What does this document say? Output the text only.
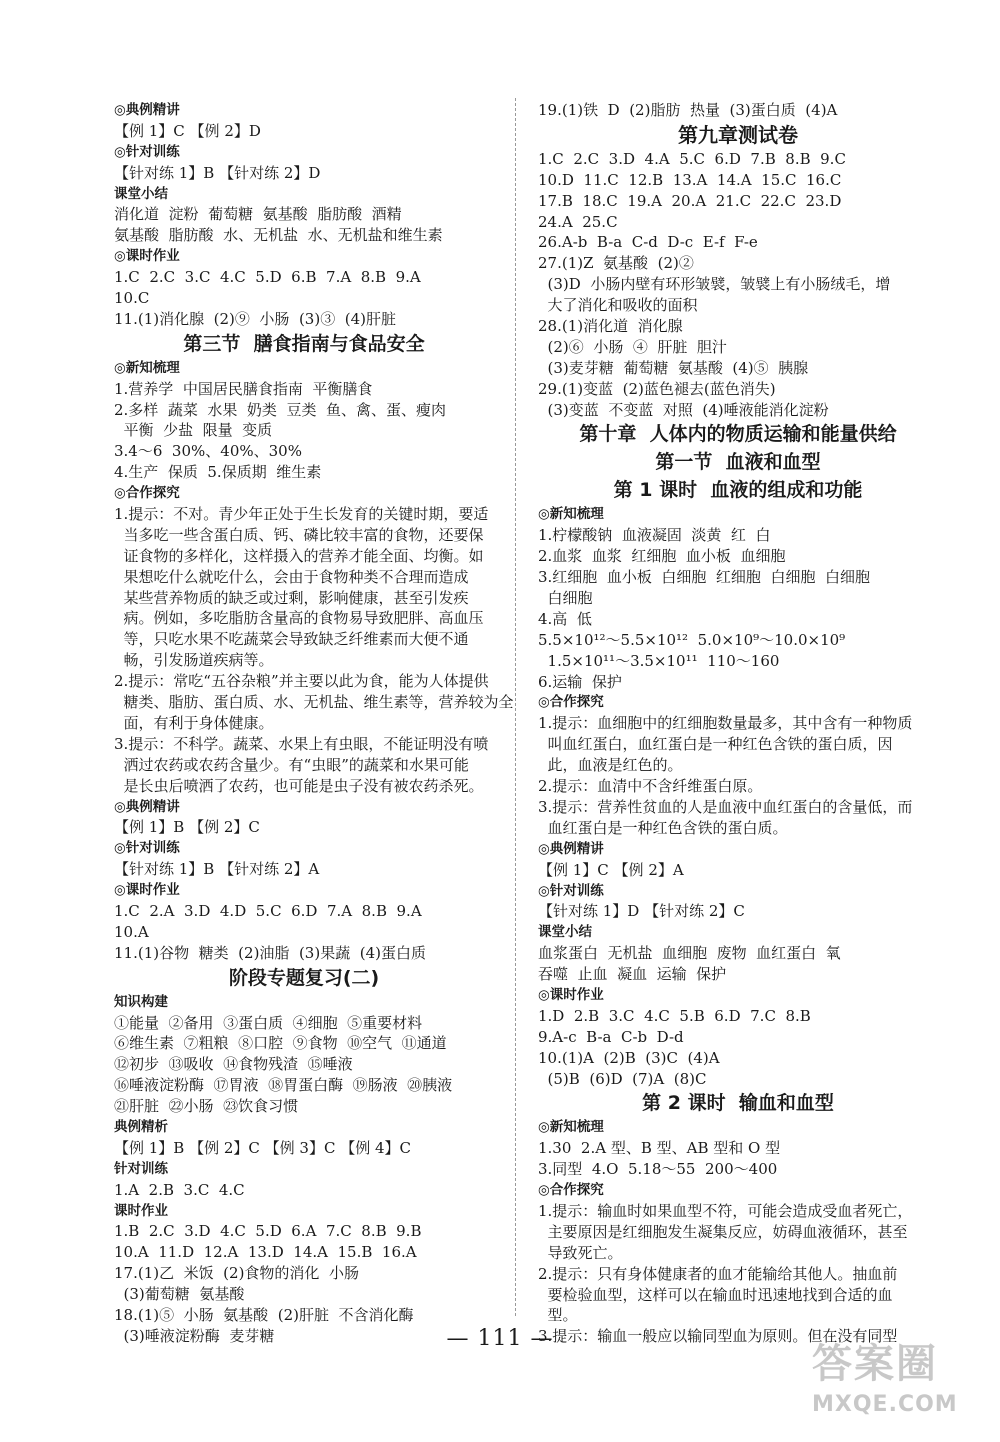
◎典例精讲
【例 1】C 【例 2】D
◎针对训练
【针对练 1】B 【针对练 2】D
课堂小结
消化道  淀粉  葡萄糖  氨基酸  脂肪酸  酒精
氨基酸  脂肪酸  水、无机盐  水、无机盐和维生素
◎课时作业
1.C  2.C  3.C  4.C  5.D  6.B  7.A  8.B  9.A
10.C
11.(1)消化腺  (2)⑨  小肠  (3)③  (4)肝脏
第三节  膳食指南与食品安全
◎新知梳理
1.营养学  中国居民膳食指南  平衡膳食
2.多样  蔬菜  水果  奶类  豆类  鱼、禽、蛋、瘦肉
平衡  少盐  限量  变质
3.4～6  30%、40%、30%
4.生产  保质  5.保质期  维生素
◎合作探究
1.提示：不对。青少年正处于生长发育的关键时期，要适
当多吃一些含蛋白质、钙、磷比较丰富的食物，还要保
证食物的多样化，这样摄入的营养才能全面、均衡。如
果想吃什么就吃什么，会由于食物种类不合理而造成
某些营养物质的缺乏或过剩，影响健康，甚至引发疾
病。例如，多吃脂肪含量高的食物易导致肥胖、高血压
等，只吃水果不吃蔬菜会导致缺乏纤维素而大便不通
畅，引发肠道疾病等。
2.提示：常吃“五谷杂粮”并主要以此为食，能为人体提供
糖类、脂肪、蛋白质、水、无机盐、维生素等，营养较为全
面，有利于身体健康。
3.提示：不科学。蔬菜、水果上有虫眼，不能证明没有喷
洒过农药或农药含量少。有“虫眼”的蔬菜和水果可能
是长虫后喷洒了农药，也可能是虫子没有被农药杀死。
◎典例精讲
【例 1】B 【例 2】C
◎针对训练
【针对练 1】B 【针对练 2】A
◎课时作业
1.C  2.A  3.D  4.D  5.C  6.D  7.A  8.B  9.A
10.A
11.(1)谷物  糖类  (2)油脂  (3)果蔬  (4)蛋白质
阶段专题复习(二)
知识构建
①能量  ②备用  ③蛋白质  ④细胞  ⑤重要材料
⑥维生素  ⑦粗粮  ⑧口腔  ⑨食物  ⑩空气  ⑪通道
⑫初步  ⑬吸收  ⑭食物残渣  ⑮唾液
⑯唾液淀粉酶  ⑰胃液  ⑱胃蛋白酶  ⑲肠液  ⑳胰液
㉑肝脏  ㉒小肠  ㉓饮食习惯
典例精析
【例 1】B 【例 2】C 【例 3】C 【例 4】C
针对训练
1.A  2.B  3.C  4.C
课时作业
1.B  2.C  3.D  4.C  5.D  6.A  7.C  8.B  9.B
10.A  11.D  12.A  13.D  14.A  15.B  16.A
17.(1)乙  米饭  (2)食物的消化  小肠
(3)葡萄糖  氨基酸
18.(1)⑤  小肠  氨基酸  (2)肝脏  不含消化酶
(3)唾液淀粉酶  麦芽糖
19.(1)铁  D  (2)脂肪  热量  (3)蛋白质  (4)A
第九章测试卷
1.C  2.C  3.D  4.A  5.C  6.D  7.B  8.B  9.C
10.D  11.C  12.B  13.A  14.A  15.C  16.C
17.B  18.C  19.A  20.A  21.C  22.C  23.D
24.A  25.C
26.A-b  B-a  C-d  D-c  E-f  F-e
27.(1)Z  氨基酸  (2)②
(3)D  小肠内壁有环形皱襞，皱襞上有小肠绒毛，增
大了消化和吸收的面积
28.(1)消化道  消化腺
(2)⑥  小肠  ④  肝脏  胆汁
(3)麦芽糖  葡萄糖  氨基酸  (4)⑤  胰腺
29.(1)变蓝  (2)蓝色褪去(蓝色消失)
(3)变蓝  不变蓝  对照  (4)唾液能消化淀粉
第十章  人体内的物质运输和能量供给
第一节  血液和血型
第 1 课时  血液的组成和功能
◎新知梳理
1.柠檬酸钠  血液凝固  淡黄  红  白
2.血浆  血浆  红细胞  血小板  血细胞
3.红细胞  血小板  白细胞  红细胞  白细胞  白细胞
白细胞
4.高  低
5.5×10¹²～5.5×10¹²  5.0×10⁹～10.0×10⁹
1.5×10¹¹～3.5×10¹¹  110～160
6.运输  保护
◎合作探究
1.提示：血细胞中的红细胞数量最多，其中含有一种物质
叫血红蛋白，血红蛋白是一种红色含铁的蛋白质，因
此，血液是红色的。
2.提示：血清中不含纤维蛋白原。
3.提示：营养性贫血的人是血液中血红蛋白的含量低，而
血红蛋白是一种红色含铁的蛋白质。
◎典例精讲
【例 1】C 【例 2】A
◎针对训练
【针对练 1】D 【针对练 2】C
课堂小结
血浆蛋白  无机盐  血细胞  废物  血红蛋白  氧
吞噬  止血  凝血  运输  保护
◎课时作业
1.D  2.B  3.C  4.C  5.B  6.D  7.C  8.B
9.A-c  B-a  C-b  D-d
10.(1)A  (2)B  (3)C  (4)A
(5)B  (6)D  (7)A  (8)C
第 2 课时  输血和血型
◎新知梳理
1.30  2.A 型、B 型、AB 型和 O 型
3.同型  4.O  5.18～55  200～400
◎合作探究
1.提示：输血时如果血型不符，可能会造成受血者死亡，
主要原因是红细胞发生凝集反应，妨碍血液循环，甚至
导致死亡。
2.提示：只有身体健康者的血才能输给其他人。抽血前
要检验血型，这样可以在输血时迅速地找到合适的血
型。
3.提示：输血一般应以输同型血为原则。但在没有同型
— 111 —
答案圈
MXQE.COM
